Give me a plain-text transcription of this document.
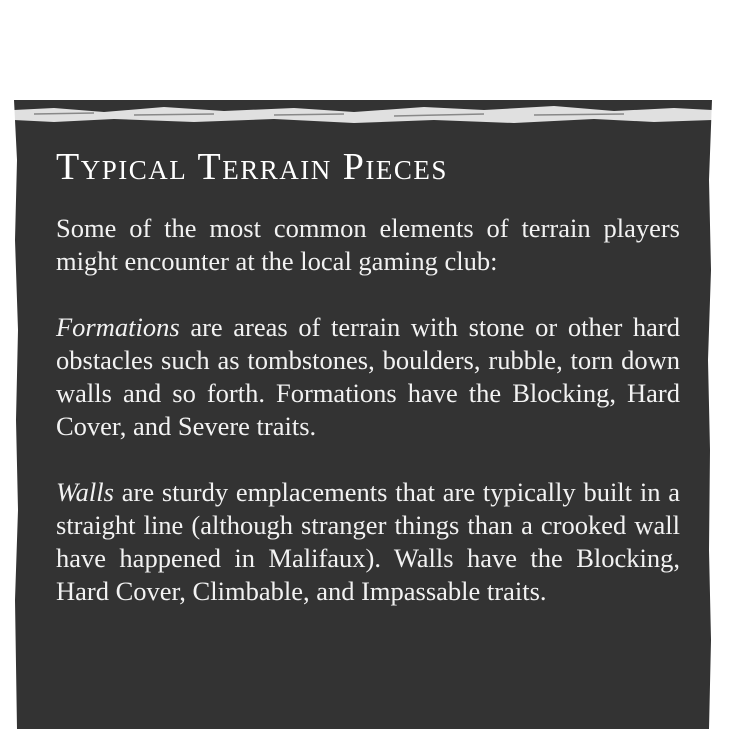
Typical Terrain Pieces

Some of the most common elements of terrain players might encounter at the local gaming club:

Formations are areas of terrain with stone or other hard obstacles such as tombstones, boulders, rubble, torn down walls and so forth. Formations have the Blocking, Hard Cover, and Severe traits.

Walls are sturdy emplacements that are typically built in a straight line (although stranger things than a crooked wall have happened in Malifaux). Walls have the Blocking, Hard Cover, Climbable, and Impassable traits.
